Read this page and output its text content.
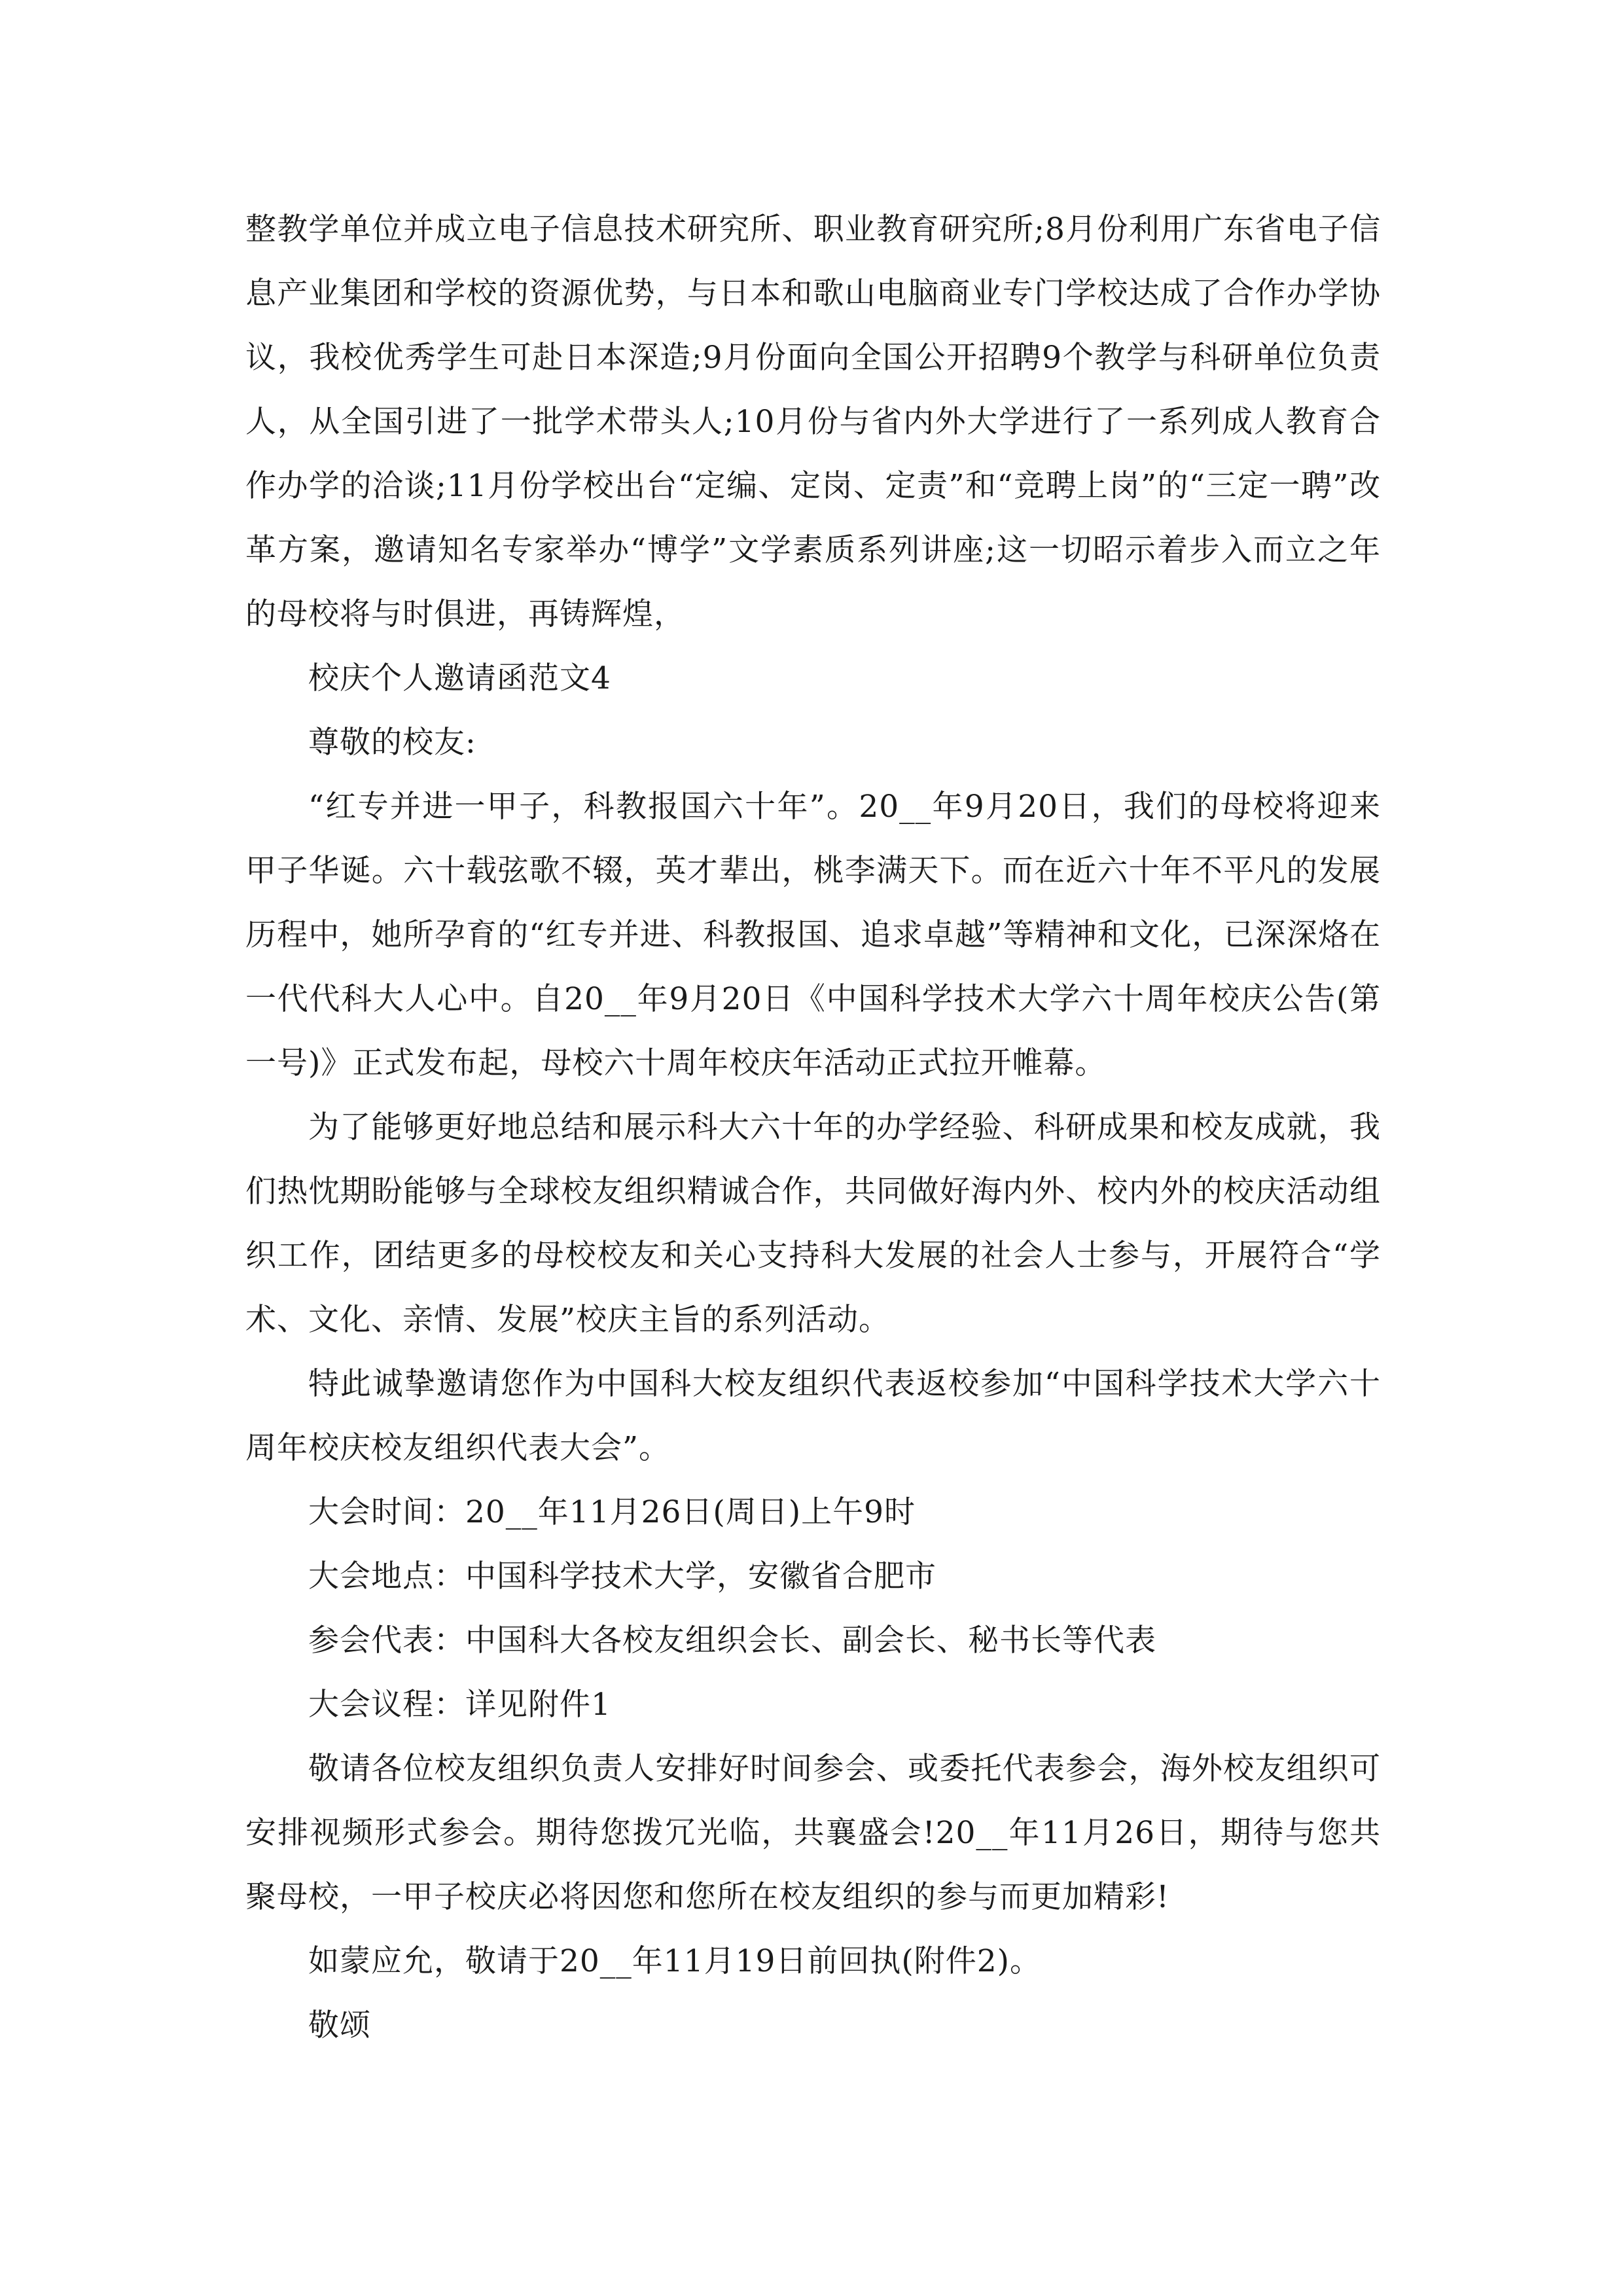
整教学单位并成立电子信息技术研究所、职业教育研究所;8月份利用广东省电子信息产业集团和学校的资源优势，与日本和歌山电脑商业专门学校达成了合作办学协议，我校优秀学生可赴日本深造;9月份面向全国公开招聘9个教学与科研单位负责人，从全国引进了一批学术带头人;10月份与省内外大学进行了一系列成人教育合作办学的洽谈;11月份学校出台“定编、定岗、定责”和“竞聘上岗”的“三定一聘”改革方案，邀请知名专家举办“博学”文学素质系列讲座;这一切昭示着步入而立之年的母校将与时俱进，再铸辉煌，

校庆个人邀请函范文4

尊敬的校友:

“红专并进一甲子，科教报国六十年”。20__年9月20日，我们的母校将迎来甲子华诞。六十载弦歌不辍，英才辈出，桃李满天下。而在近六十年不平凡的发展历程中，她所孕育的“红专并进、科教报国、追求卓越”等精神和文化，已深深烙在一代代科大人心中。自20__年9月20日《中国科学技术大学六十周年校庆公告(第一号)》正式发布起，母校六十周年校庆年活动正式拉开帷幕。

为了能够更好地总结和展示科大六十年的办学经验、科研成果和校友成就，我们热忱期盼能够与全球校友组织精诚合作，共同做好海内外、校内外的校庆活动组织工作，团结更多的母校校友和关心支持科大发展的社会人士参与，开展符合“学术、文化、亲情、发展”校庆主旨的系列活动。

特此诚挚邀请您作为中国科大校友组织代表返校参加“中国科学技术大学六十周年校庆校友组织代表大会”。

大会时间：20__年11月26日(周日)上午9时

大会地点：中国科学技术大学，安徽省合肥市

参会代表：中国科大各校友组织会长、副会长、秘书长等代表

大会议程：详见附件1

敬请各位校友组织负责人安排好时间参会、或委托代表参会，海外校友组织可安排视频形式参会。期待您拨冗光临，共襄盛会!20__年11月26日，期待与您共聚母校，一甲子校庆必将因您和您所在校友组织的参与而更加精彩!

如蒙应允，敬请于20__年11月19日前回执(附件2)。

敬颂
